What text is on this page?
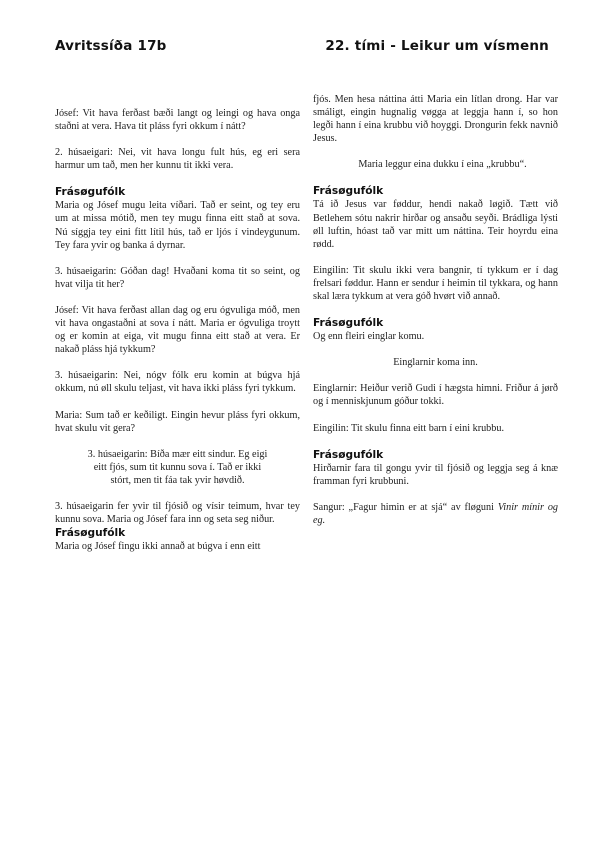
Avritssíða 17b	22. tími - Leikur um vísmenn

Jósef: Vit hava ferðast bæði langt og leingi og hava onga staðni at vera. Hava tit pláss fyri okkum í nátt?

2. húsaeigari: Nei, vit hava longu fult hús, eg eri sera harmur um tað, men her kunnu tit ikki vera.

Frásøgufólk

Maria og Jósef mugu leita víðari. Tað er seint, og tey eru um at missa mótið, men tey mugu finna eitt stað at sova. Nú síggja tey eini fitt lítil hús, tað er ljós í vindeygunum. Tey fara yvir og banka á dyrnar.

3. húsaeigarin: Góðan dag! Hvaðani koma tit so seint, og hvat vilja tit her?

Jósef: Vit hava ferðast allan dag og eru ógvuliga móð, men vit hava ongastaðni at sova í nátt. Maria er ógvuliga troytt og er komin at eiga, vit mugu finna eitt stað at vera. Er nakað pláss hjá tykkum?

3. húsaeigarin: Nei, nógv fólk eru komin at búgva hjá okkum, nú øll skulu teljast, vit hava ikki pláss fyri tykkum.

Maria: Sum tað er keðiligt. Eingin hevur pláss fyri okkum, hvat skulu vit gera?

3. húsaeigarin: Bíða mær eitt sindur. Eg eigi
eitt fjós, sum tit kunnu sova í. Tað er ikki
stórt, men tit fáa tak yvir høvdið.

3. húsaeigarin fer yvir til fjósið og vísir teimum, hvar tey kunnu sova. Maria og Jósef fara inn og seta seg niður.

Frásøgufólk

Maria og Jósef fingu ikki annað at búgva í enn eitt

fjós. Men hesa náttina átti Maria ein lítlan drong. Har var smáligt, eingin hugnalig vøgga at leggja hann í, so hon legði hann í eina krubbu við hoyggi. Drongurin fekk navnið Jesus.

Maria leggur eina dukku í eina „krubbu“.

Frásøgufólk

Tá ið Jesus var føddur, hendi nakað løgið. Tætt við Betlehem sótu nakrir hirðar og ansaðu seyði. Brádliga lýsti øll luftin, hóast tað var mitt um náttina. Teir hoyrdu eina rødd.

Eingilin: Tit skulu ikki vera bangnir, tí tykkum er í dag frelsari føddur. Hann er sendur í heimin til tykkara, og hann skal læra tykkum at vera góð hvørt við annað.

Frásøgufólk

Og enn fleiri einglar komu.

Einglarnir koma inn.

Einglarnir: Heiður verið Gudi í hægsta himni. Friður á jørð og í menniskjunum góður tokki.

Eingilin: Tit skulu finna eitt barn í eini krubbu.

Frásøgufólk

Hirðarnir fara til gongu yvir til fjósið og leggja seg á knæ framman fyri krubbuni.

Sangur: „Fagur himin er at sjá“ av fløguni Vinir mínir og eg.
